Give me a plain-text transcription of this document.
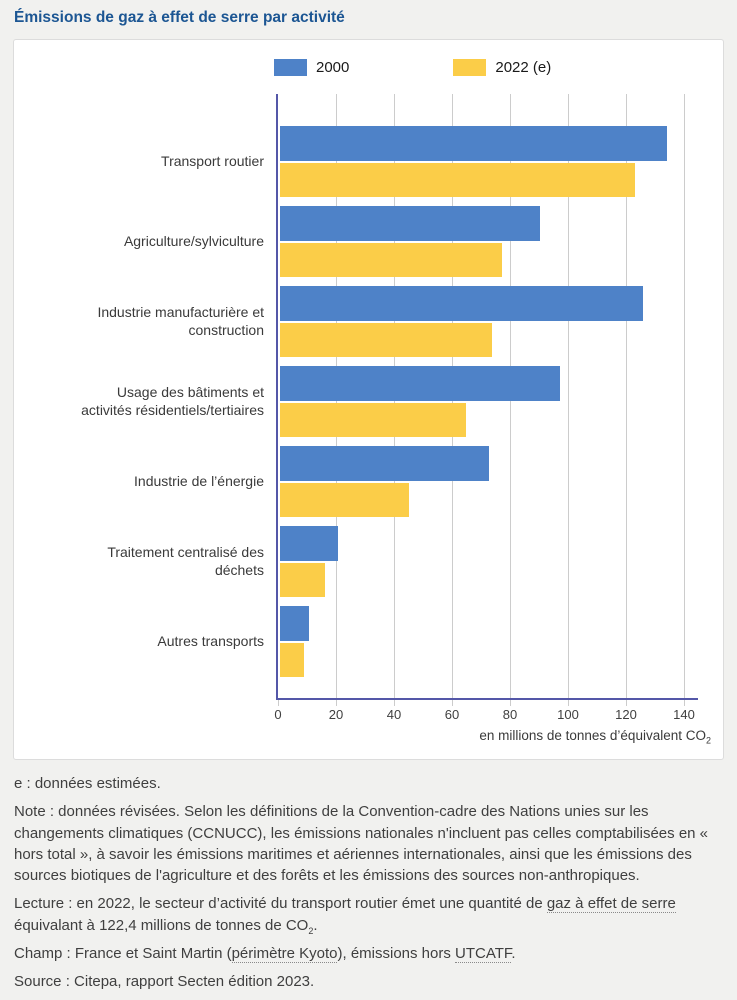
Émissions de gaz à effet de serre par activité
2000	2022 (e)
Transport routier
Agriculture/sylviculture
Industrie manufacturière et construction
Usage des bâtiments et activités résidentiels/tertiaires
Industrie de l’énergie
Traitement centralisé des déchets
Autres transports
0	20	40	60	80	100	120	140
en millions de tonnes d’équivalent $CO_2$

e : données estimées.

Note : données révisées. Selon les définitions de la Convention-cadre des Nations unies sur les changements climatiques (CCNUCC), les émissions nationales n'incluent pas celles comptabilisées en « hors total », à savoir les émissions maritimes et aériennes internationales, ainsi que les émissions des sources biotiques de l'agriculture et des forêts et les émissions des sources non-anthropiques.

Lecture : en 2022, le secteur d’activité du transport routier émet une quantité de gaz à effet de serre équivalant à 122,4 millions de tonnes de $CO_2$.

Champ : France et Saint Martin (périmètre Kyoto), émissions hors UTCATF.

Source : Citepa, rapport Secten édition 2023.
